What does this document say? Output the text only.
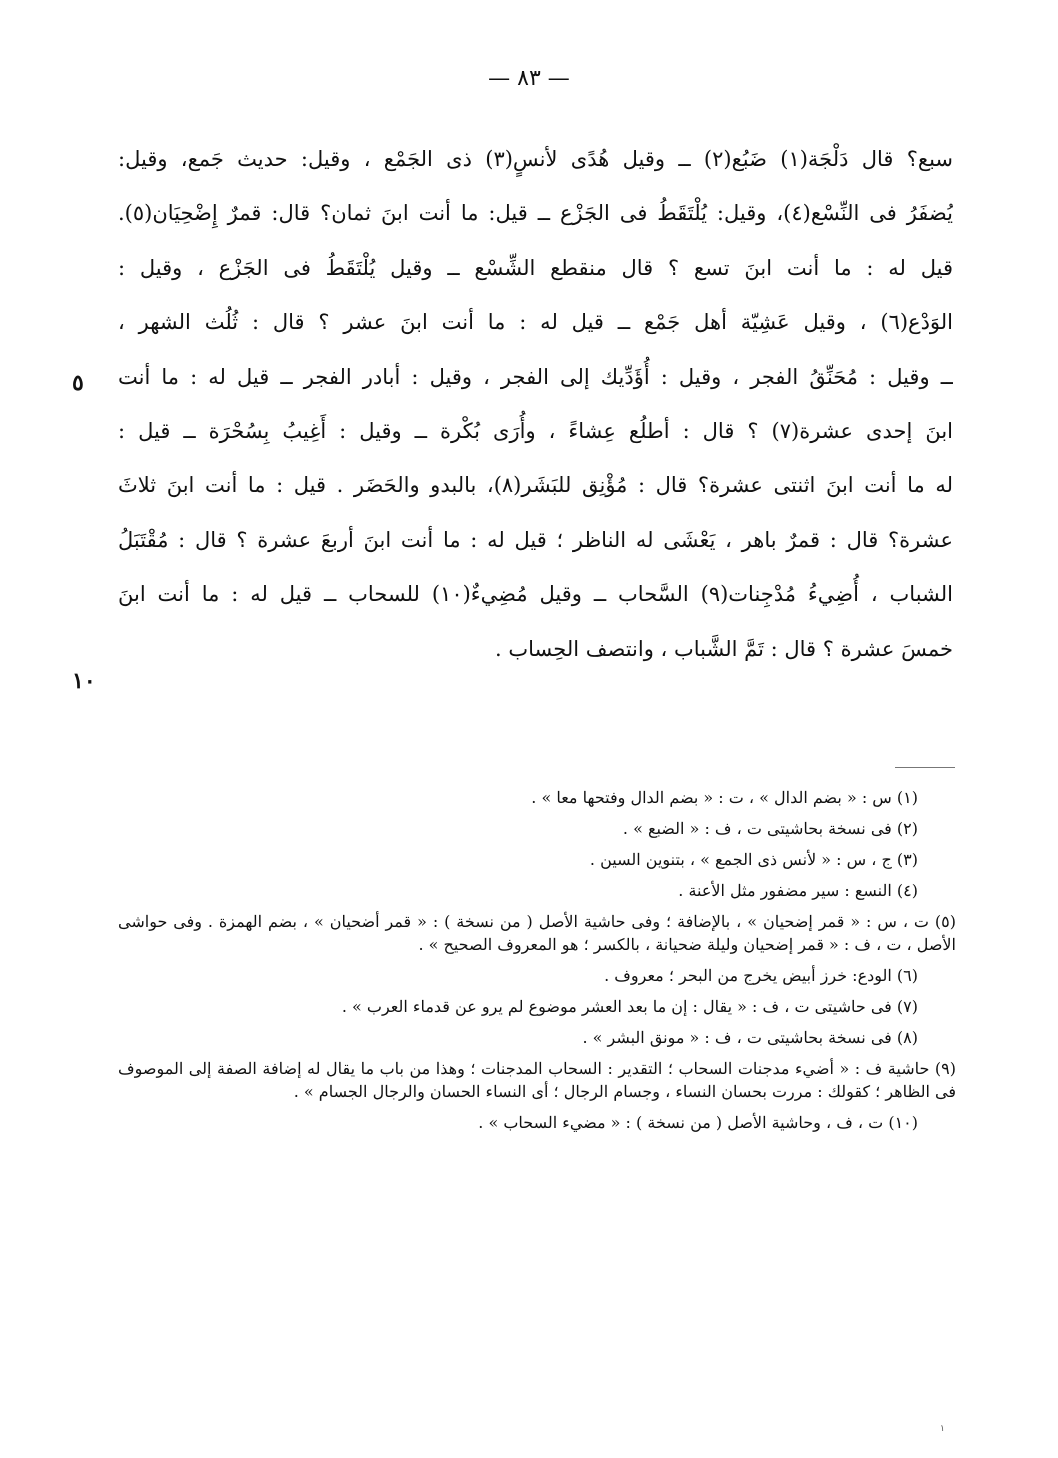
— ٨٣ —
سبع؟ قال دَلْجَة(١) ضَبُع(٢) ــ وقيل هُدًى لأنسٍ(٣) ذى الجَمْع ، وقيل: حديث جَمع، وقيل:
يُضفَرُ فى النِّسْع(٤)، وقيل: يُلْتَقَطُ فى الجَزْع ــ قيل: ما أنت ابنَ ثمان؟ قال: قمرٌ إِضْحِيَان(٥).
قيل له : ما أنت ابنَ تسع ؟ قال منقطع الشِّسْع ــ وقيل يُلْتَقَطُ فى الجَزْع ، وقيل :
الوَدْع(٦) ، وقيل عَشِيّة أهل جَمْع ــ قيل له : ما أنت ابنَ عشر ؟ قال : ثُلُث الشهر ،
ــ وقيل : مُحَنِّقُ الفجر ، وقيل : أُؤَدِّيك إلى الفجر ، وقيل : أبادر الفجر ــ قيل له : ما أنت
ابنَ إحدى عشرة(٧) ؟ قال : أطلُع عِشاءً ، وأُرَى بُكْرة ــ وقيل : أَغِيبُ بِسُحْرَة ــ قيل :
له ما أنت ابنَ اثنتى عشرة؟ قال : مُؤْنِق للبَشَر(٨)، بالبدو والحَضَر . قيل : ما أنت ابنَ ثلاثَ
عشرة؟ قال : قمرٌ باهر ، يَعْشَى له الناظر ؛ قيل له : ما أنت ابنَ أربعَ عشرة ؟ قال : مُقْتَبَلُ
الشباب ، أُضِيءُ مُدْجِنات(٩) السَّحاب ــ وقيل مُضِيءٌ(١٠) للسحاب ــ قيل له : ما أنت ابنَ
خمسَ عشرة ؟ قال : تَمَّ الشَّباب ، وانتصف الحِساب .
٥
١٠
(١) س : « بضم الدال » ، ت : « بضم الدال وفتحها معا » .
(٢) فى نسخة بحاشيتى ت ، ف : « الضبع » .
(٣) ج ، س : « لأنس ذى الجمع » ، بتنوين السين .
(٤) النسع : سير مضفور مثل الأعنة .
(٥) ت ، س : « قمر إضحيان » ، بالإضافة ؛ وفى حاشية الأصل ( من نسخة ) : « قمر أضحيان » ، بضم الهمزة . وفى حواشى الأصل ، ت ، ف : « قمر إضحيان وليلة ضحيانة ، بالكسر ؛ هو المعروف الصحيح » .
(٦) الودع: خرز أبيض يخرج من البحر ؛ معروف .
(٧) فى حاشيتى ت ، ف : « يقال : إن ما بعد العشر موضوع لم يرو عن قدماء العرب » .
(٨) فى نسخة بحاشيتى ت ، ف : « مونق البشر » .
(٩) حاشية ف : « أضيء مدجنات السحاب ؛ التقدير : السحاب المدجنات ؛ وهذا من باب ما يقال له إضافة الصفة إلى الموصوف فى الظاهر ؛ كقولك : مررت بحسان النساء ، وجسام الرجال ؛ أى النساء الحسان والرجال الجسام » .
(١٠) ت ، ف ، وحاشية الأصل ( من نسخة ) : « مضيء السحاب » .
١
